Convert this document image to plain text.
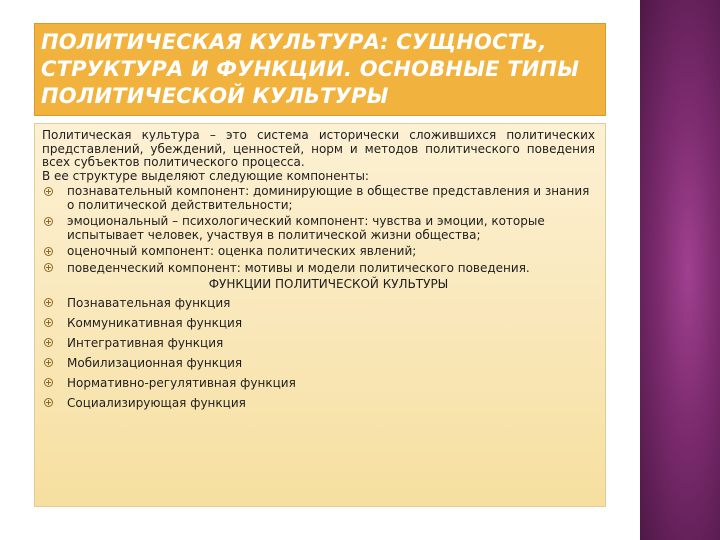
ПОЛИТИЧЕСКАЯ КУЛЬТУРА: СУЩНОСТЬ, СТРУКТУРА И ФУНКЦИИ. ОСНОВНЫЕ ТИПЫ ПОЛИТИЧЕСКОЙ КУЛЬТУРЫ

Политическая культура – это система исторически сложившихся политических представлений, убеждений, ценностей, норм и методов политического поведения всех субъектов политического процесса.

В ее структуре выделяют следующие компоненты:

познавательный компонент: доминирующие в обществе представления и знания о политической действительности;
эмоциональный – психологический компонент: чувства и эмоции, которые испытывает человек, участвуя в политической жизни общества;
оценочный компонент: оценка политических явлений;
поведенческий компонент: мотивы и модели политического поведения.
ФУНКЦИИ ПОЛИТИЧЕСКОЙ КУЛЬТУРЫ
Познавательная функция
Коммуникативная функция
Интегративная функция
Мобилизационная функция
Нормативно-регулятивная функция
Социализирующая функция
